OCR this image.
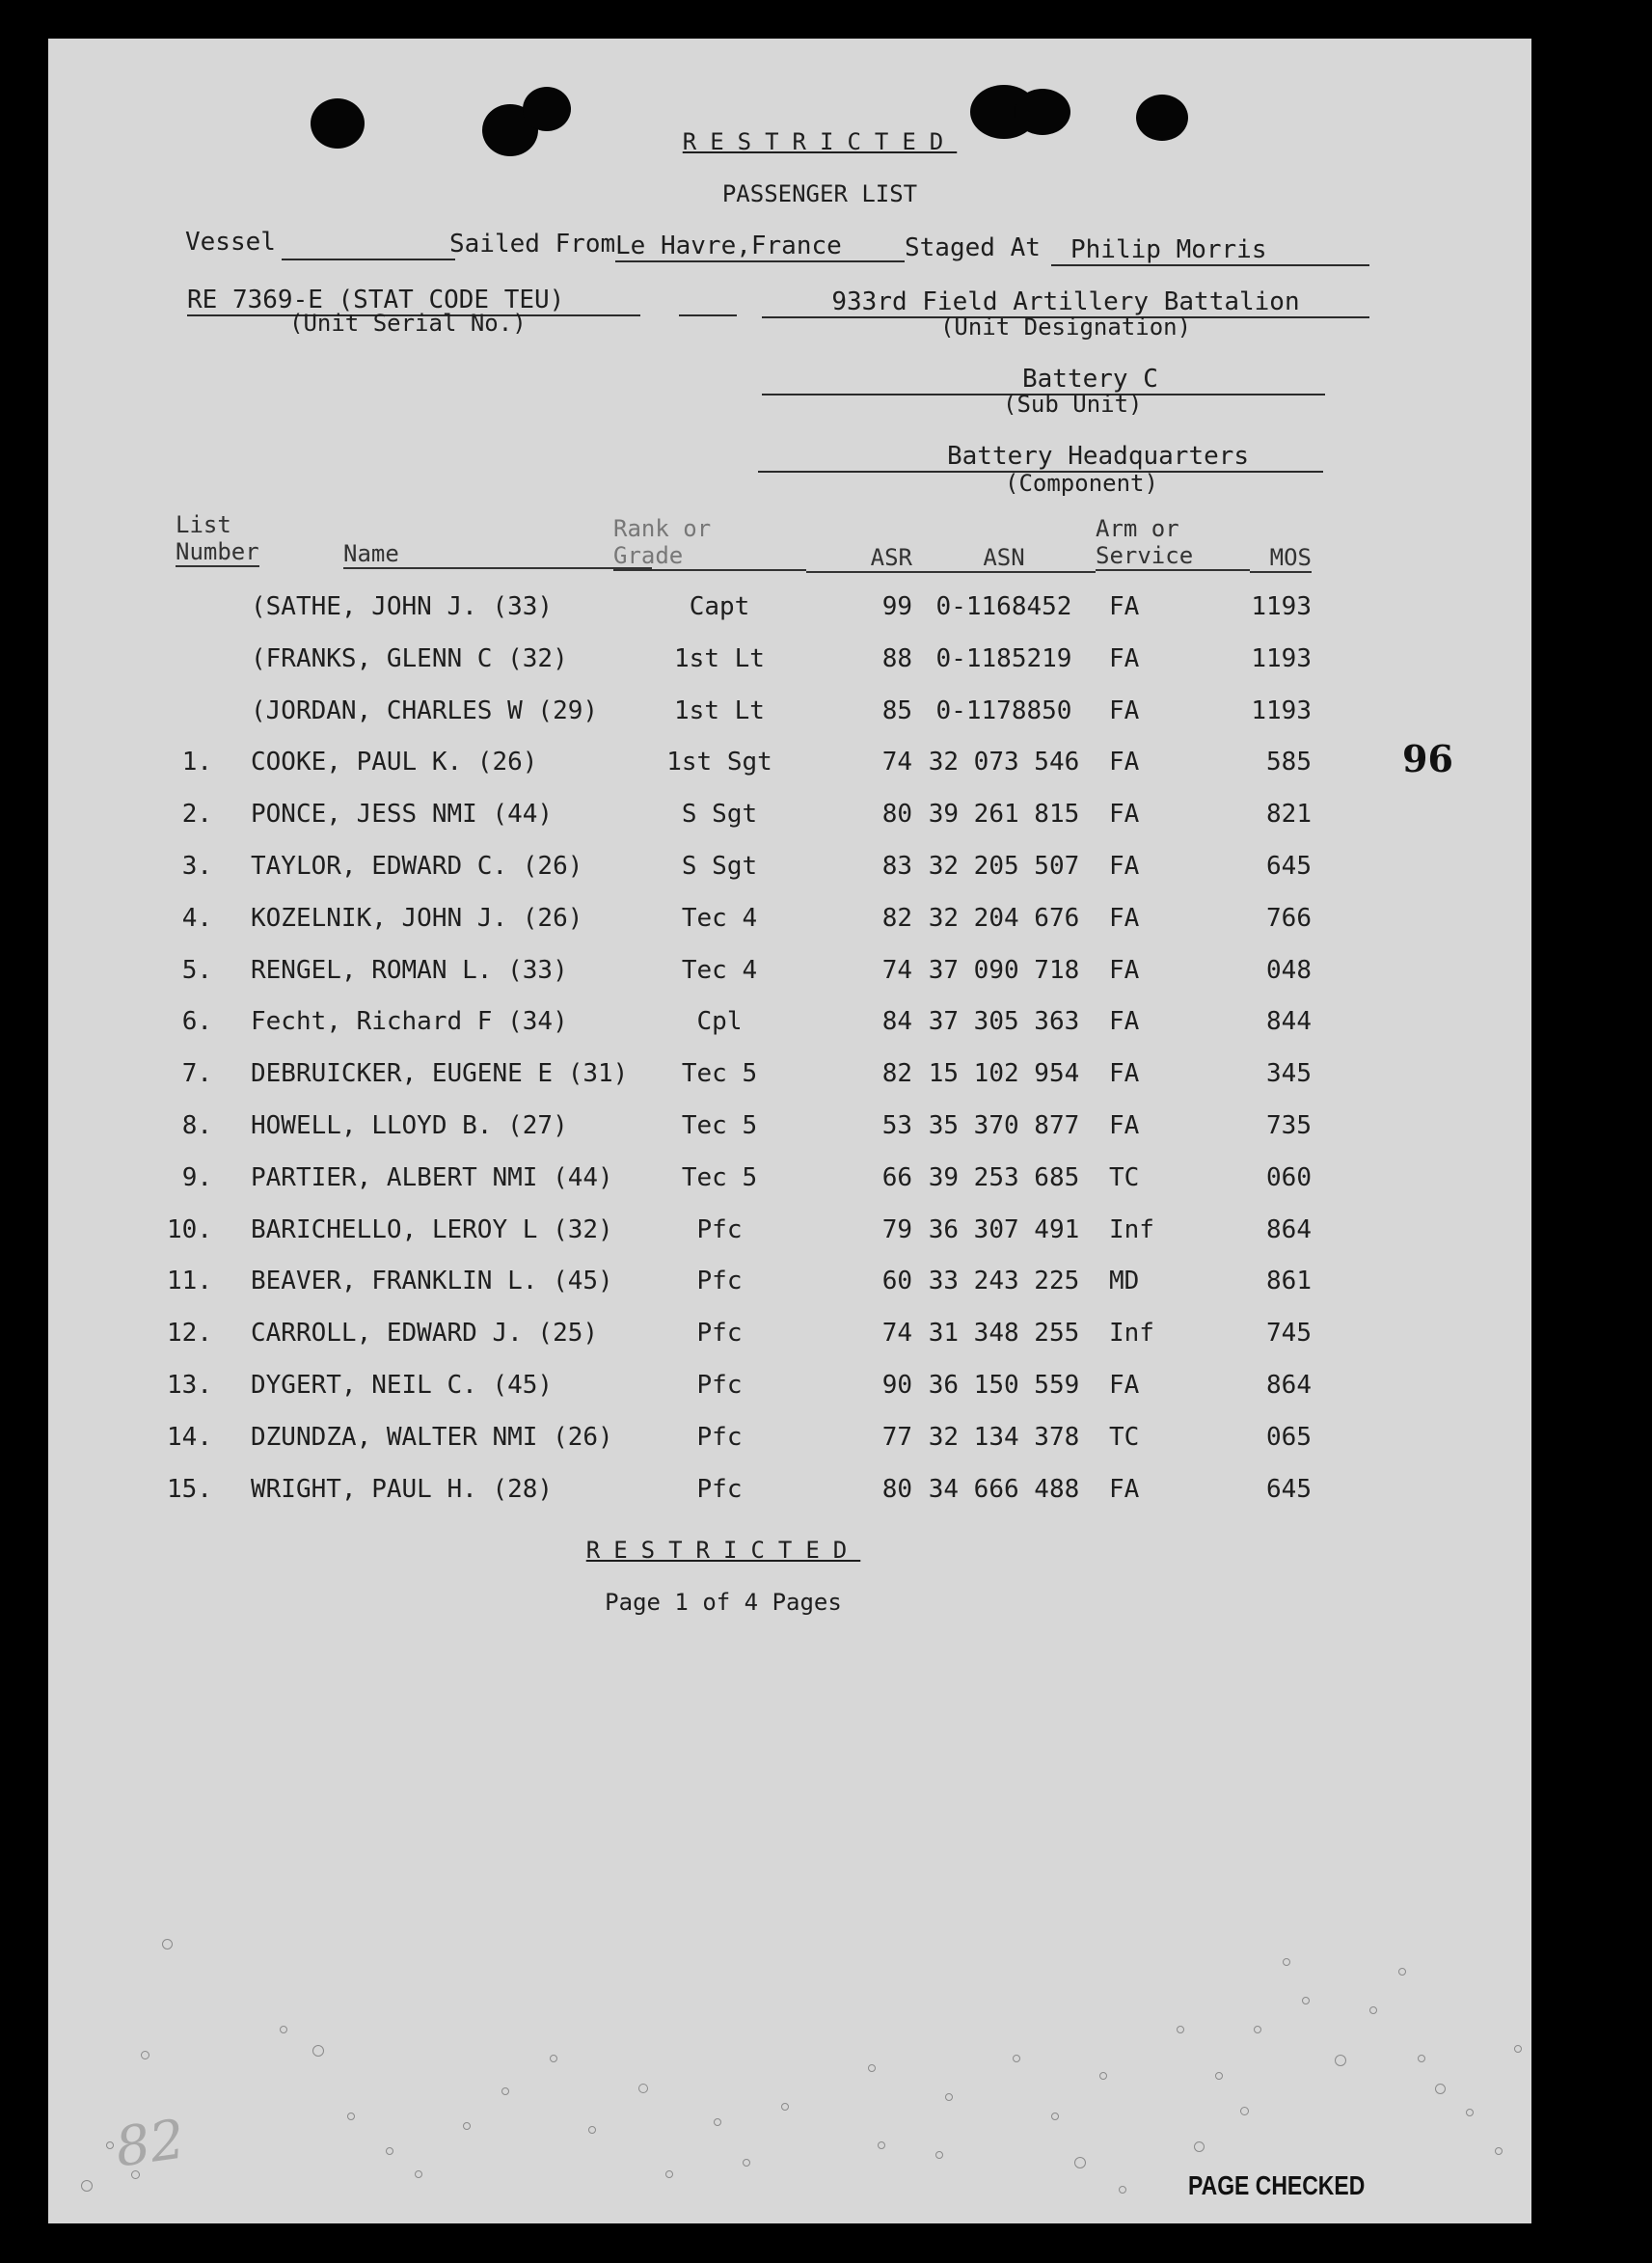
RESTRICTED
PASSENGER LIST
Vessel	Sailed From Le Havre,France	Staged At	Philip Morris
RE 7369-E (STAT CODE TEU)
(Unit Serial No.)
933rd Field Artillery Battalion
(Unit Designation)
Battery C
(Sub Unit)
Battery Headquarters
(Component)
List
Number	Name
Rank or
Grade	ASR	ASN
Arm or
Service	MOS
(SATHE, JOHN J. (33)	Capt	99 0-1168452	FA	1193
(FRANKS, GLENN C (32)	1st Lt	88 0-1185219	FA	1193
(JORDAN, CHARLES W (29)	1st Lt	85 0-1178850	FA	1193
1. COOKE, PAUL K. (26)	1st Sgt	74 32 073 546	FA	585
2. PONCE, JESS NMI (44)	S Sgt	80 39 261 815	FA	821
3. TAYLOR, EDWARD C. (26)	S Sgt	83 32 205 507	FA	645
4. KOZELNIK, JOHN J. (26)	Tec 4	82 32 204 676	FA	766
5. RENGEL, ROMAN L. (33)	Tec 4	74 37 090 718	FA	048
6. Fecht, Richard F (34)	Cpl	84 37 305 363	FA	844
7. DEBRUICKER, EUGENE E (31)	Tec 5	82 15 102 954	FA	345
8. HOWELL, LLOYD B. (27)	Tec 5	53 35 370 877	FA	735
9. PARTIER, ALBERT NMI (44)	Tec 5	66 39 253 685	TC	060
10. BARICHELLO, LEROY L (32)	Pfc	79 36 307 491	Inf	864
11. BEAVER, FRANKLIN L. (45)	Pfc	60 33 243 225	MD	861
12. CARROLL, EDWARD J. (25)	Pfc	74 31 348 255	Inf	745
13. DYGERT, NEIL C. (45)	Pfc	90 36 150 559	FA	864
14. DZUNDZA, WALTER NMI (26)	Pfc	77 32 134 378	TC	065
15. WRIGHT, PAUL H. (28)	Pfc	80 34 666 488	FA	645
RESTRICTED
Page 1 of 4 Pages
96
82
PAGE CHECKED
